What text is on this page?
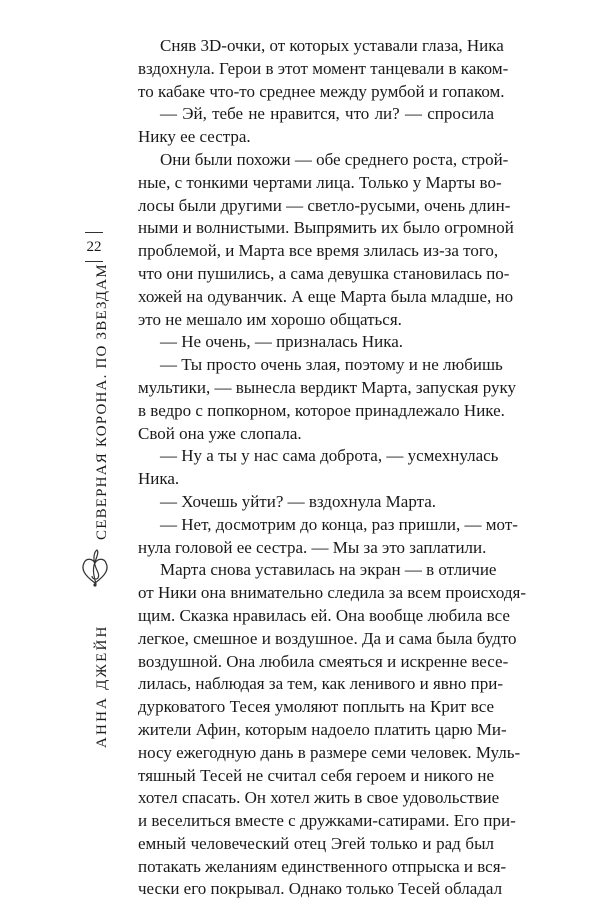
22
СЕВЕРНАЯ КОРОНА. ПО ЗВЕЗДАМ
АННА ДЖЕЙН
Сняв 3D-очки, от которых уставали глаза, Ника
вздохнула. Герои в этот момент танцевали в каком-
то кабаке что-то среднее между румбой и гопаком.
— Эй, тебе не нравится, что ли? — спросила
Нику ее сестра.
Они были похожи — обе среднего роста, строй-
ные, с тонкими чертами лица. Только у Марты во-
лосы были другими — светло-русыми, очень длин-
ными и волнистыми. Выпрямить их было огромной
проблемой, и Марта все время злилась из-за того,
что они пушились, а сама девушка становилась по-
хожей на одуванчик. А еще Марта была младше, но
это не мешало им хорошо общаться.
— Не очень, — призналась Ника.
— Ты просто очень злая, поэтому и не любишь
мультики, — вынесла вердикт Марта, запуская руку
в ведро с попкорном, которое принадлежало Нике.
Свой она уже слопала.
— Ну а ты у нас сама доброта, — усмехнулась
Ника.
— Хочешь уйти? — вздохнула Марта.
— Нет, досмотрим до конца, раз пришли, — мот-
нула головой ее сестра. — Мы за это заплатили.
Марта снова уставилась на экран — в отличие
от Ники она внимательно следила за всем происходя-
щим. Сказка нравилась ей. Она вообще любила все
легкое, смешное и воздушное. Да и сама была будто
воздушной. Она любила смеяться и искренне весе-
лилась, наблюдая за тем, как ленивого и явно при-
дурковатого Тесея умоляют поплыть на Крит все
жители Афин, которым надоело платить царю Ми-
носу ежегодную дань в размере семи человек. Муль-
тяшный Тесей не считал себя героем и никого не
хотел спасать. Он хотел жить в свое удовольствие
и веселиться вместе с дружками-сатирами. Его при-
емный человеческий отец Эгей только и рад был
потакать желаниям единственного отпрыска и вся-
чески его покрывал. Однако только Тесей обладал
